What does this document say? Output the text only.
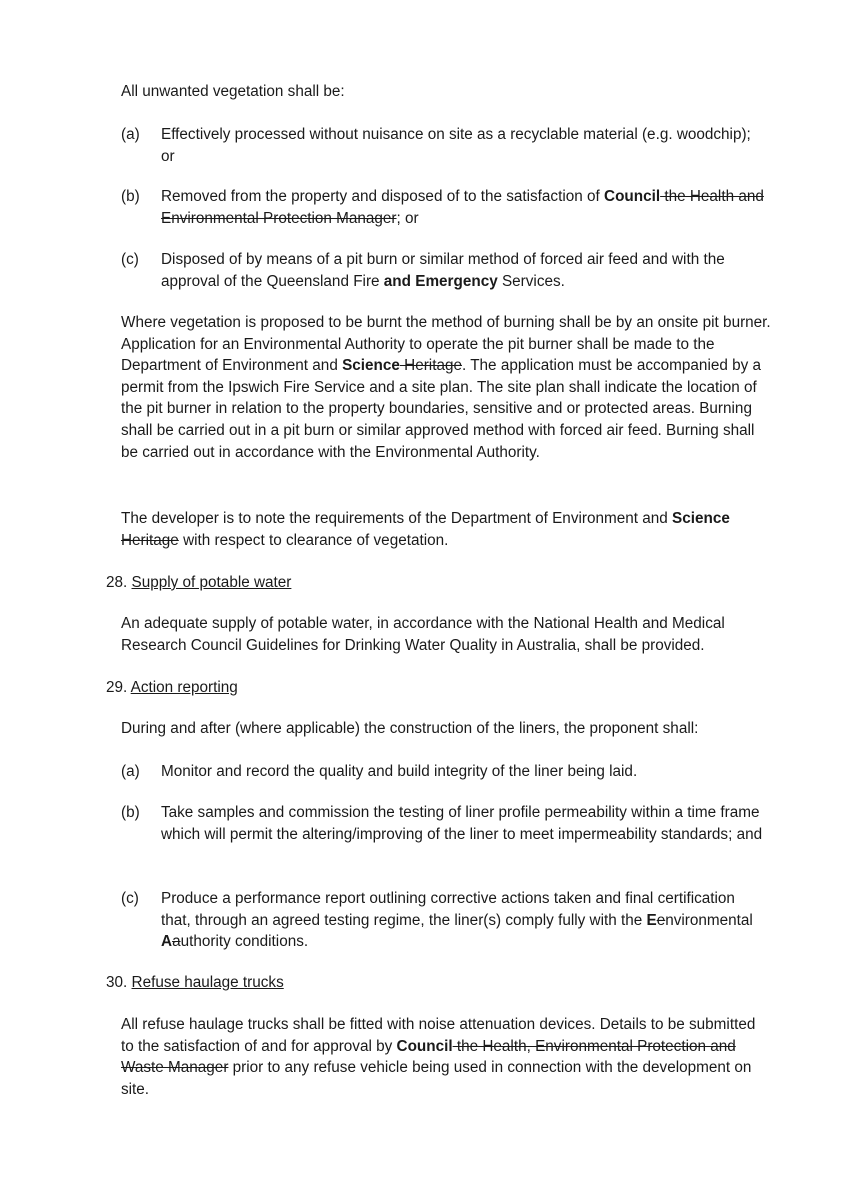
All unwanted vegetation shall be:

(a) Effectively processed without nuisance on site as a recyclable material (e.g. woodchip); or
(b) Removed from the property and disposed of to the satisfaction of Council the Health and Environmental Protection Manager; or
(c) Disposed of by means of a pit burn or similar method of forced air feed and with the approval of the Queensland Fire and Emergency Services.

Where vegetation is proposed to be burnt the method of burning shall be by an onsite pit burner. Application for an Environmental Authority to operate the pit burner shall be made to the Department of Environment and Science Heritage. The application must be accompanied by a permit from the Ipswich Fire Service and a site plan. The site plan shall indicate the location of the pit burner in relation to the property boundaries, sensitive and or protected areas. Burning shall be carried out in a pit burn or similar approved method with forced air feed. Burning shall be carried out in accordance with the Environmental Authority.

The developer is to note the requirements of the Department of Environment and Science
Heritage with respect to clearance of vegetation.

28. Supply of potable water

An adequate supply of potable water, in accordance with the National Health and Medical Research Council Guidelines for Drinking Water Quality in Australia, shall be provided.

29. Action reporting

During and after (where applicable) the construction of the liners, the proponent shall:

(a) Monitor and record the quality and build integrity of the liner being laid.
(b) Take samples and commission the testing of liner profile permeability within a time frame which will permit the altering/improving of the liner to meet impermeability standards; and
(c) Produce a performance report outlining corrective actions taken and final certification that, through an agreed testing regime, the liner(s) comply fully with the Eenvironmental Aauthority conditions.
30. Refuse haulage trucks

All refuse haulage trucks shall be fitted with noise attenuation devices. Details to be submitted to the satisfaction of and for approval by Council the Health, Environmental Protection and Waste Manager prior to any refuse vehicle being used in connection with the development on site.
